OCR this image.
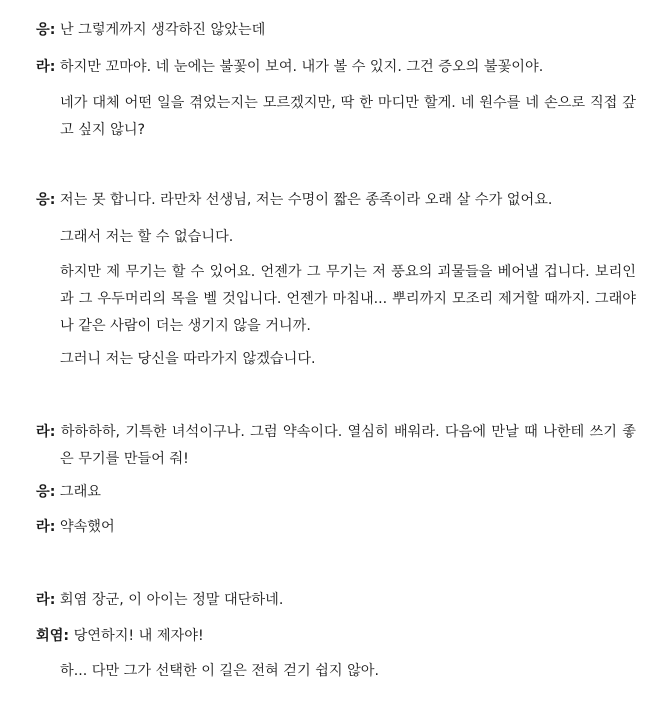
응: 난 그렇게까지 생각하진 않았는데

라: 하지만 꼬마야. 네 눈에는 불꽃이 보여. 내가 볼 수 있지. 그건 증오의 불꽃이야.

네가 대체 어떤 일을 겪었는지는 모르겠지만, 딱 한 마디만 할게. 네 원수를 네 손으로 직접 갚고 싶지 않니?

응: 저는 못 합니다. 라만차 선생님, 저는 수명이 짧은 종족이라 오래 살 수가 없어요.

그래서 저는 할 수 없습니다.

하지만 제 무기는 할 수 있어요. 언젠가 그 무기는 저 풍요의 괴물들을 베어낼 겁니다. 보리인과 그 우두머리의 목을 벨 것입니다. 언젠가 마침내... 뿌리까지 모조리 제거할 때까지. 그래야 나 같은 사람이 더는 생기지 않을 거니까.

그러니 저는 당신을 따라가지 않겠습니다.

라: 하하하하, 기특한 녀석이구나. 그럼 약속이다. 열심히 배워라. 다음에 만날 때 나한테 쓰기 좋은 무기를 만들어 줘!

응: 그래요

라: 약속했어

라: 회염 장군, 이 아이는 정말 대단하네.

회염: 당연하지! 내 제자야!

하... 다만 그가 선택한 이 길은 전혀 걷기 쉽지 않아.
